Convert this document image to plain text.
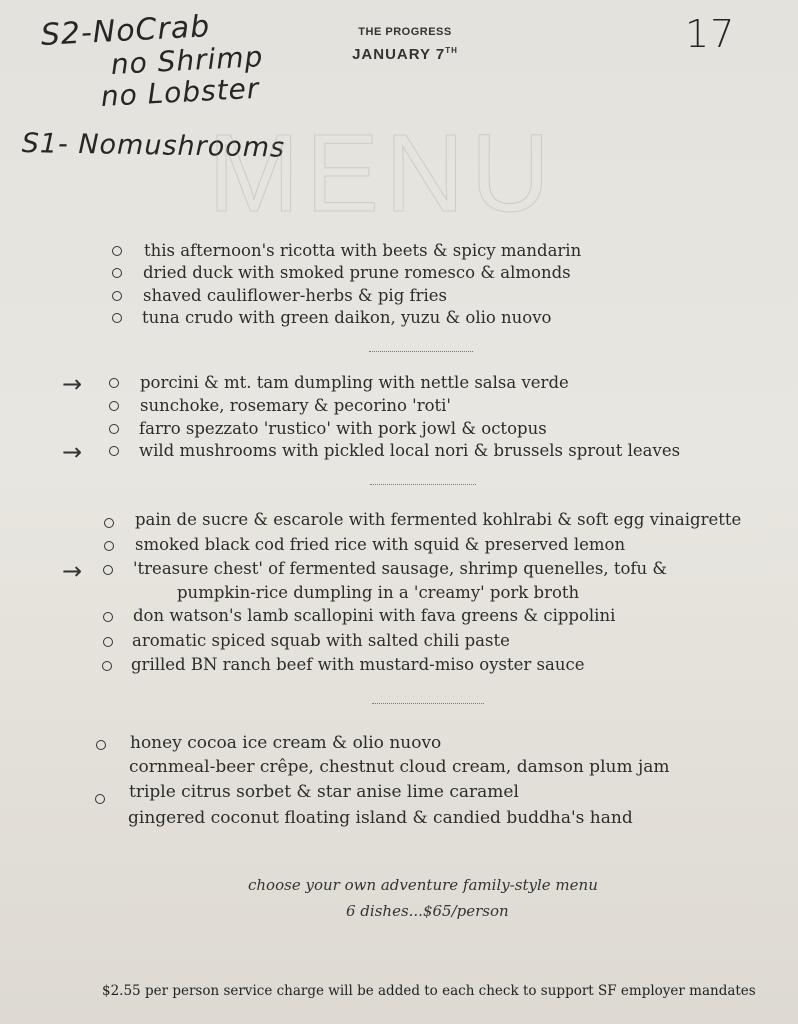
S2-NoCrab
no Shrimp
no Lobster
S1- Nomushrooms
17
THE PROGRESS
JANUARY 7TH
MENU
this afternoon's ricotta with beets & spicy mandarin
dried duck with smoked prune romesco & almonds
shaved cauliflower-herbs & pig fries
tuna crudo with green daikon, yuzu & olio nuovo
→	porcini & mt. tam dumpling with nettle salsa verde
sunchoke, rosemary & pecorino 'roti'
farro spezzato 'rustico' with pork jowl & octopus
→	wild mushrooms with pickled local nori & brussels sprout leaves
pain de sucre & escarole with fermented kohlrabi & soft egg vinaigrette
smoked black cod fried rice with squid & preserved lemon
→	'treasure chest' of fermented sausage, shrimp quenelles, tofu &
pumpkin-rice dumpling in a 'creamy' pork broth
don watson's lamb scallopini with fava greens & cippolini
aromatic spiced squab with salted chili paste
grilled BN ranch beef with mustard-miso oyster sauce
honey cocoa ice cream & olio nuovo
cornmeal-beer crêpe, chestnut cloud cream, damson plum jam
triple citrus sorbet & star anise lime caramel
gingered coconut floating island & candied buddha's hand
choose your own adventure family-style menu
6 dishes...$65/person
$2.55 per person service charge will be added to each check to support SF employer mandates
